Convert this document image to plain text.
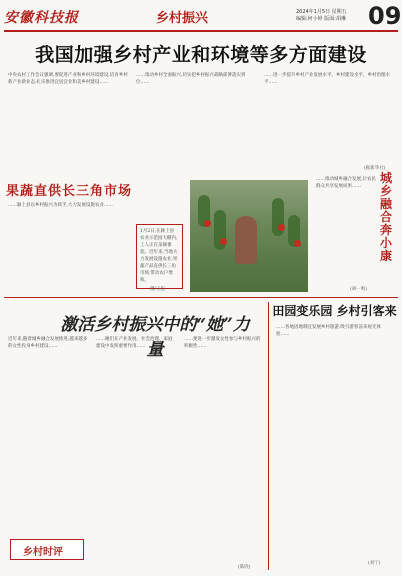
安徽科技报	乡村振兴	2024年1月5日 星期五
编辑:何小婷 版面:胡琳 09
我国加强乡村产业和环境等多方面建设
中央农村工作会议强调,要促进产业和乡村环境建设,培育乡村新产业新业态,扎实推进宜居宜业和美乡村建设……
……推动乡村全面振兴,切实把乡村振兴战略部署落实到位……
……进一步提升乡村产业发展水平、乡村建设水平、乡村治理水平……
(据新华社)
果蔬直供长三角市场
……颍上县以乡村振兴为抓手,大力发展设施农业……
1月2日,在颍上县农业示范园大棚内,工人正在采摘番茄。近年来,当地大力发展设施农业,果蔬产品直供长三角市场,带动农户增收。
摄/王振
……推动城乡融合发展,让农民群众共享发展成果……
城乡融合奔小康
(胡一鸣)
激活乡村振兴中的“她”力量
近年来,随着城乡融合发展推进,越来越多的女性投身乡村建设……
……她们在产业发展、社会治理、家庭建设中发挥重要作用……
……要进一步激发女性参与乡村振兴的积极性……
(陈欣)
乡村时评
田园变乐园 乡村引客来
……各地因地制宜发展乡村旅游,吸引游客前来观光体验……
(刘宁)
